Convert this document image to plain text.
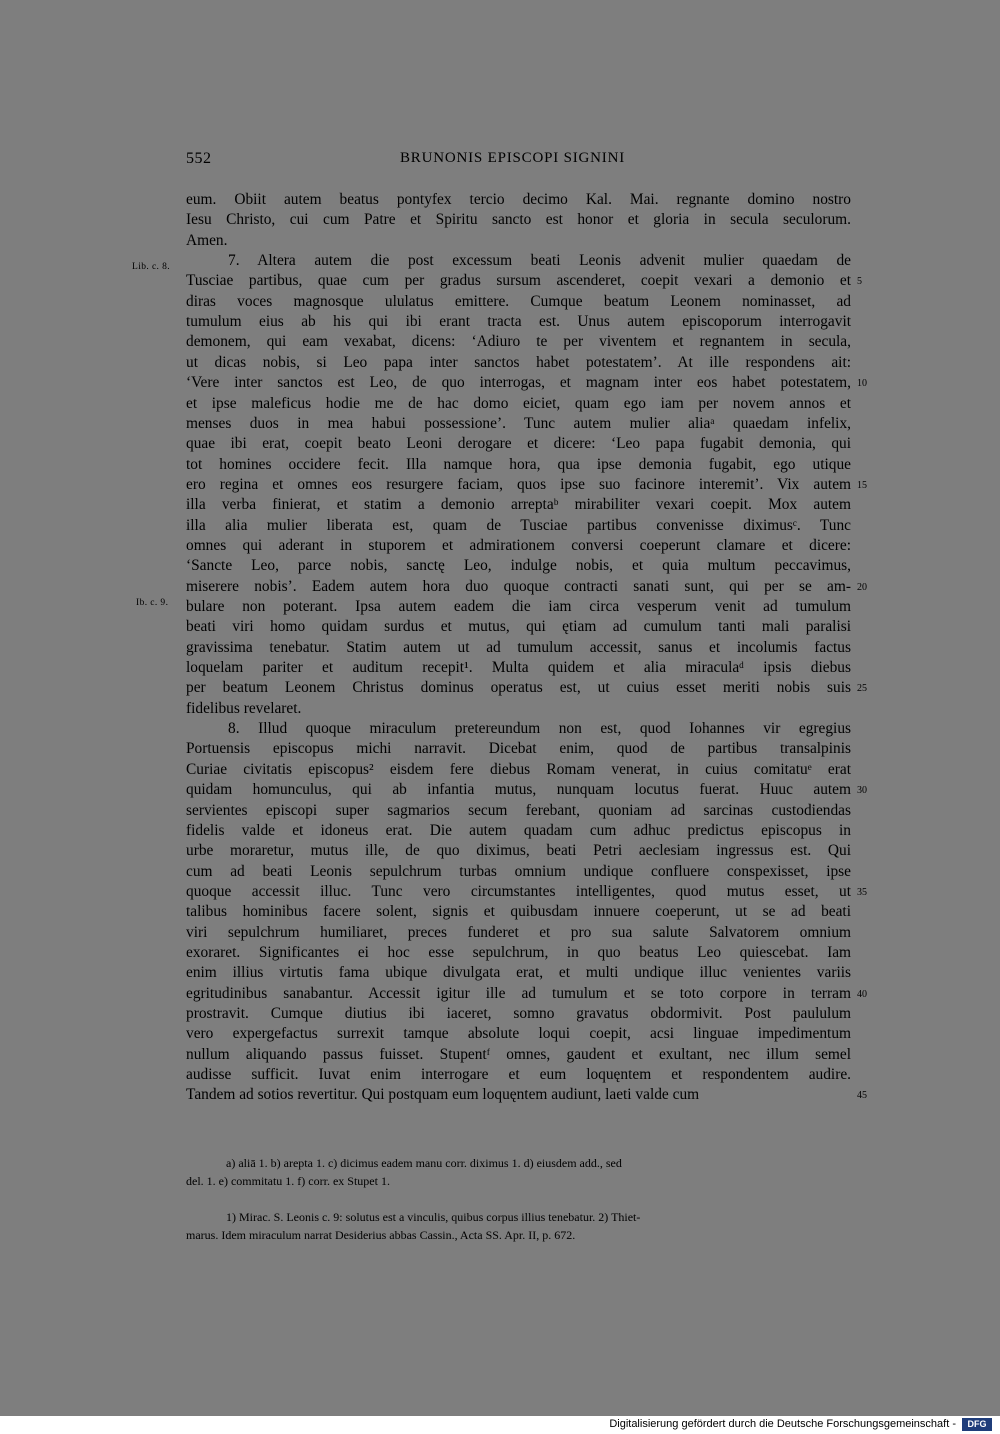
552	BRUNONIS EPISCOPI SIGNINI
Lib. c. 8.
Ib. c. 9.
eum. Obiit autem beatus pontyfex tercio decimo Kal. Mai. regnante domino nostro
Iesu Christo, cui cum Patre et Spiritu sancto est honor et gloria in secula seculorum.
Amen.
7. Altera autem die post excessum beati Leonis advenit mulier quaedam de
Tusciae partibus, quae cum per gradus sursum ascenderet, coepit vexari a demonio et
diras voces magnosque ululatus emittere. Cumque beatum Leonem nominasset, ad
tumulum eius ab his qui ibi erant tracta est. Unus autem episcoporum interrogavit
demonem, qui eam vexabat, dicens: ‘Adiuro te per viventem et regnantem in secula,
ut dicas nobis, si Leo papa inter sanctos habet potestatem’. At ille respondens ait:
‘Vere inter sanctos est Leo, de quo interrogas, et magnam inter eos habet potestatem,
et ipse maleficus hodie me de hac domo eiciet, quam ego iam per novem annos et
menses duos in mea habui possessione’. Tunc autem mulier aliaᵃ quaedam infelix,
quae ibi erat, coepit beato Leoni derogare et dicere: ‘Leo papa fugabit demonia, qui
tot homines occidere fecit. Illa namque hora, qua ipse demonia fugabit, ego utique
ero regina et omnes eos resurgere faciam, quos ipse suo facinore interemit’. Vix autem
illa verba finierat, et statim a demonio arreptaᵇ mirabiliter vexari coepit. Mox autem
illa alia mulier liberata est, quam de Tusciae partibus convenisse diximusᶜ. Tunc
omnes qui aderant in stuporem et admirationem conversi coeperunt clamare et dicere:
‘Sancte Leo, parce nobis, sanctę Leo, indulge nobis, et quia multum peccavimus,
miserere nobis’. Eadem autem hora duo quoque contracti sanati sunt, qui per se am-
bulare non poterant. Ipsa autem eadem die iam circa vesperum venit ad tumulum
beati viri homo quidam surdus et mutus, qui ętiam ad cumulum tanti mali paralisi
gravissima tenebatur. Statim autem ut ad tumulum accessit, sanus et incolumis factus
loquelam pariter et auditum recepit¹. Multa quidem et alia miraculaᵈ ipsis diebus
per beatum Leonem Christus dominus operatus est, ut cuius esset meriti nobis suis
fidelibus revelaret.
8. Illud quoque miraculum pretereundum non est, quod Iohannes vir egregius
Portuensis episcopus michi narravit. Dicebat enim, quod de partibus transalpinis
Curiae civitatis episcopus² eisdem fere diebus Romam venerat, in cuius comitatuᵉ erat
quidam homunculus, qui ab infantia mutus, nunquam locutus fuerat. Huuc autem
servientes episcopi super sagmarios secum ferebant, quoniam ad sarcinas custodiendas
fidelis valde et idoneus erat. Die autem quadam cum adhuc predictus episcopus in
urbe moraretur, mutus ille, de quo diximus, beati Petri aeclesiam ingressus est. Qui
cum ad beati Leonis sepulchrum turbas omnium undique confluere conspexisset, ipse
quoque accessit illuc. Tunc vero circumstantes intelligentes, quod mutus esset, ut
talibus hominibus facere solent, signis et quibusdam innuere coeperunt, ut se ad beati
viri sepulchrum humiliaret, preces funderet et pro sua salute Salvatorem omnium
exoraret. Significantes ei hoc esse sepulchrum, in quo beatus Leo quiescebat. Iam
enim illius virtutis fama ubique divulgata erat, et multi undique illuc venientes variis
egritudinibus sanabantur. Accessit igitur ille ad tumulum et se toto corpore in terram
prostravit. Cumque diutius ibi iaceret, somno gravatus obdormivit. Post paululum
vero expergefactus surrexit tamque absolute loqui coepit, acsi linguae impedimentum
nullum aliquando passus fuisset. Stupentᶠ omnes, gaudent et exultant, nec illum semel
audisse sufficit. Iuvat enim interrogare et eum loquęntem et respondentem audire.
Tandem ad sotios revertitur. Qui postquam eum loquęntem audiunt, laeti valde cum
5
10
15
20
25
30
35
40
45
a) aliā 1. b) arepta 1. c) dicimus eadem manu corr. diximus 1. d) eiusdem add., sed
del. 1. e) commitatu 1. f) corr. ex Stupet 1.
1) Mirac. S. Leonis c. 9: solutus est a vinculis, quibus corpus illius tenebatur. 2) Thiet-
marus. Idem miraculum narrat Desiderius abbas Cassin., Acta SS. Apr. II, p. 672.
Digitalisierung gefördert durch die Deutsche Forschungsgemeinschaft -	DFG
